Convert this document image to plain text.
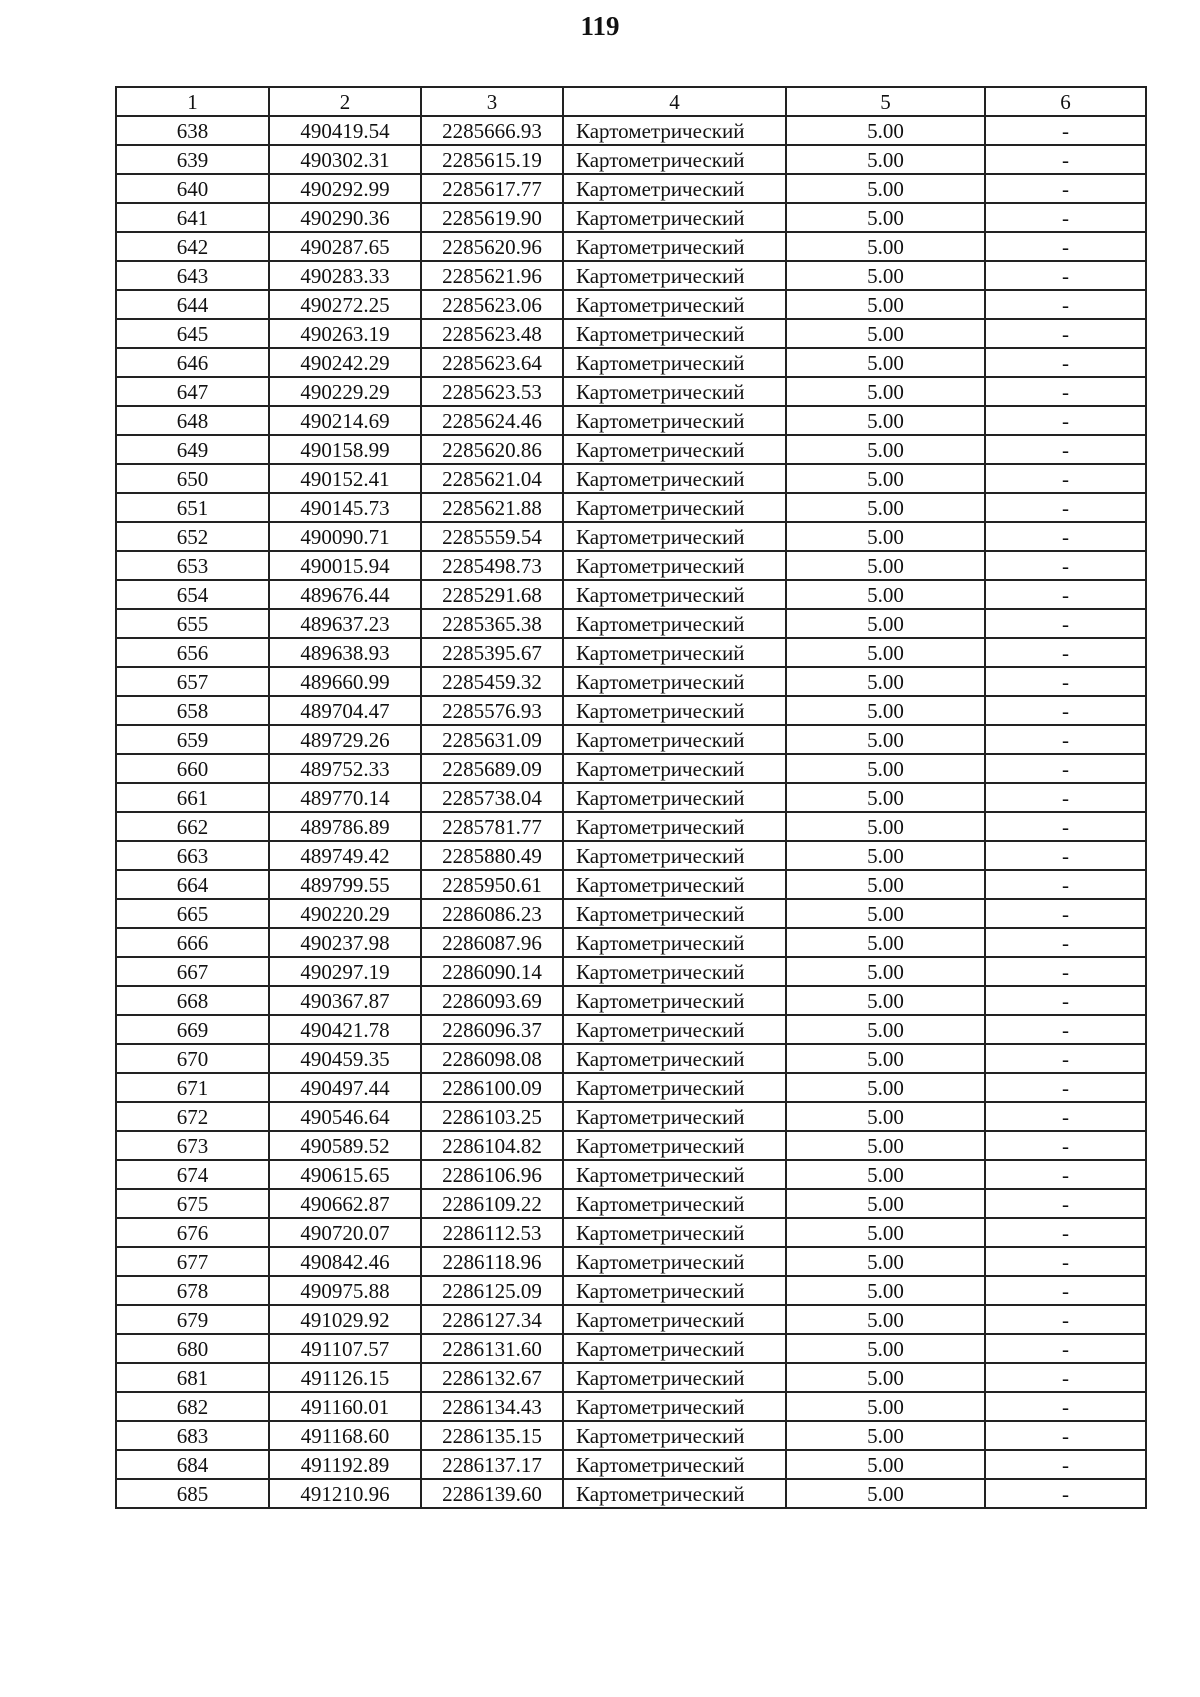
119
1	2	3	4	5	6
638	490419.54	2285666.93	Картометрический	5.00	-
639	490302.31	2285615.19	Картометрический	5.00	-
640	490292.99	2285617.77	Картометрический	5.00	-
641	490290.36	2285619.90	Картометрический	5.00	-
642	490287.65	2285620.96	Картометрический	5.00	-
643	490283.33	2285621.96	Картометрический	5.00	-
644	490272.25	2285623.06	Картометрический	5.00	-
645	490263.19	2285623.48	Картометрический	5.00	-
646	490242.29	2285623.64	Картометрический	5.00	-
647	490229.29	2285623.53	Картометрический	5.00	-
648	490214.69	2285624.46	Картометрический	5.00	-
649	490158.99	2285620.86	Картометрический	5.00	-
650	490152.41	2285621.04	Картометрический	5.00	-
651	490145.73	2285621.88	Картометрический	5.00	-
652	490090.71	2285559.54	Картометрический	5.00	-
653	490015.94	2285498.73	Картометрический	5.00	-
654	489676.44	2285291.68	Картометрический	5.00	-
655	489637.23	2285365.38	Картометрический	5.00	-
656	489638.93	2285395.67	Картометрический	5.00	-
657	489660.99	2285459.32	Картометрический	5.00	-
658	489704.47	2285576.93	Картометрический	5.00	-
659	489729.26	2285631.09	Картометрический	5.00	-
660	489752.33	2285689.09	Картометрический	5.00	-
661	489770.14	2285738.04	Картометрический	5.00	-
662	489786.89	2285781.77	Картометрический	5.00	-
663	489749.42	2285880.49	Картометрический	5.00	-
664	489799.55	2285950.61	Картометрический	5.00	-
665	490220.29	2286086.23	Картометрический	5.00	-
666	490237.98	2286087.96	Картометрический	5.00	-
667	490297.19	2286090.14	Картометрический	5.00	-
668	490367.87	2286093.69	Картометрический	5.00	-
669	490421.78	2286096.37	Картометрический	5.00	-
670	490459.35	2286098.08	Картометрический	5.00	-
671	490497.44	2286100.09	Картометрический	5.00	-
672	490546.64	2286103.25	Картометрический	5.00	-
673	490589.52	2286104.82	Картометрический	5.00	-
674	490615.65	2286106.96	Картометрический	5.00	-
675	490662.87	2286109.22	Картометрический	5.00	-
676	490720.07	2286112.53	Картометрический	5.00	-
677	490842.46	2286118.96	Картометрический	5.00	-
678	490975.88	2286125.09	Картометрический	5.00	-
679	491029.92	2286127.34	Картометрический	5.00	-
680	491107.57	2286131.60	Картометрический	5.00	-
681	491126.15	2286132.67	Картометрический	5.00	-
682	491160.01	2286134.43	Картометрический	5.00	-
683	491168.60	2286135.15	Картометрический	5.00	-
684	491192.89	2286137.17	Картометрический	5.00	-
685	491210.96	2286139.60	Картометрический	5.00	-
